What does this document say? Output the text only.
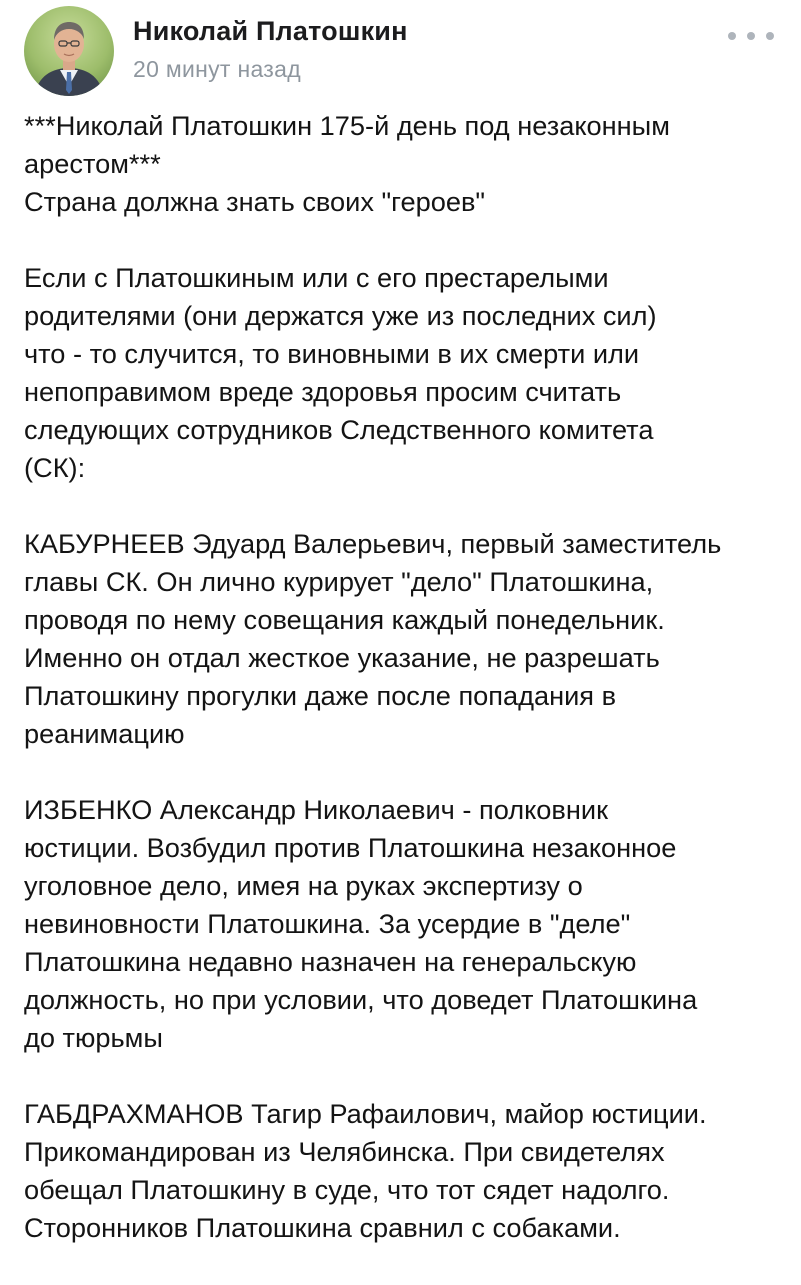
Николай Платошкин
20 минут назад

***Николай Платошкин 175-й день под незаконным
арестом***
Страна должна знать своих "героев"

Если с Платошкиным или с его престарелыми
родителями (они держатся уже из последних сил)
что - то случится, то виновными в их смерти или
непоправимом вреде здоровья просим считать
следующих сотрудников Следственного комитета
(СК):

КАБУРНЕЕВ Эдуард Валерьевич, первый заместитель
главы СК. Он лично курирует "дело" Платошкина,
проводя по нему совещания каждый понедельник.
Именно он отдал жесткое указание, не разрешать
Платошкину прогулки даже после попадания в
реанимацию

ИЗБЕНКО Александр Николаевич - полковник
юстиции. Возбудил против Платошкина незаконное
уголовное дело, имея на руках экспертизу о
невиновности Платошкина. За усердие в "деле"
Платошкина недавно назначен на генеральскую
должность, но при условии, что доведет Платошкина
до тюрьмы

ГАБДРАХМАНОВ Тагир Рафаилович, майор юстиции.
Прикомандирован из Челябинска. При свидетелях
обещал Платошкину в суде, что тот сядет надолго.
Сторонников Платошкина сравнил с собаками.
